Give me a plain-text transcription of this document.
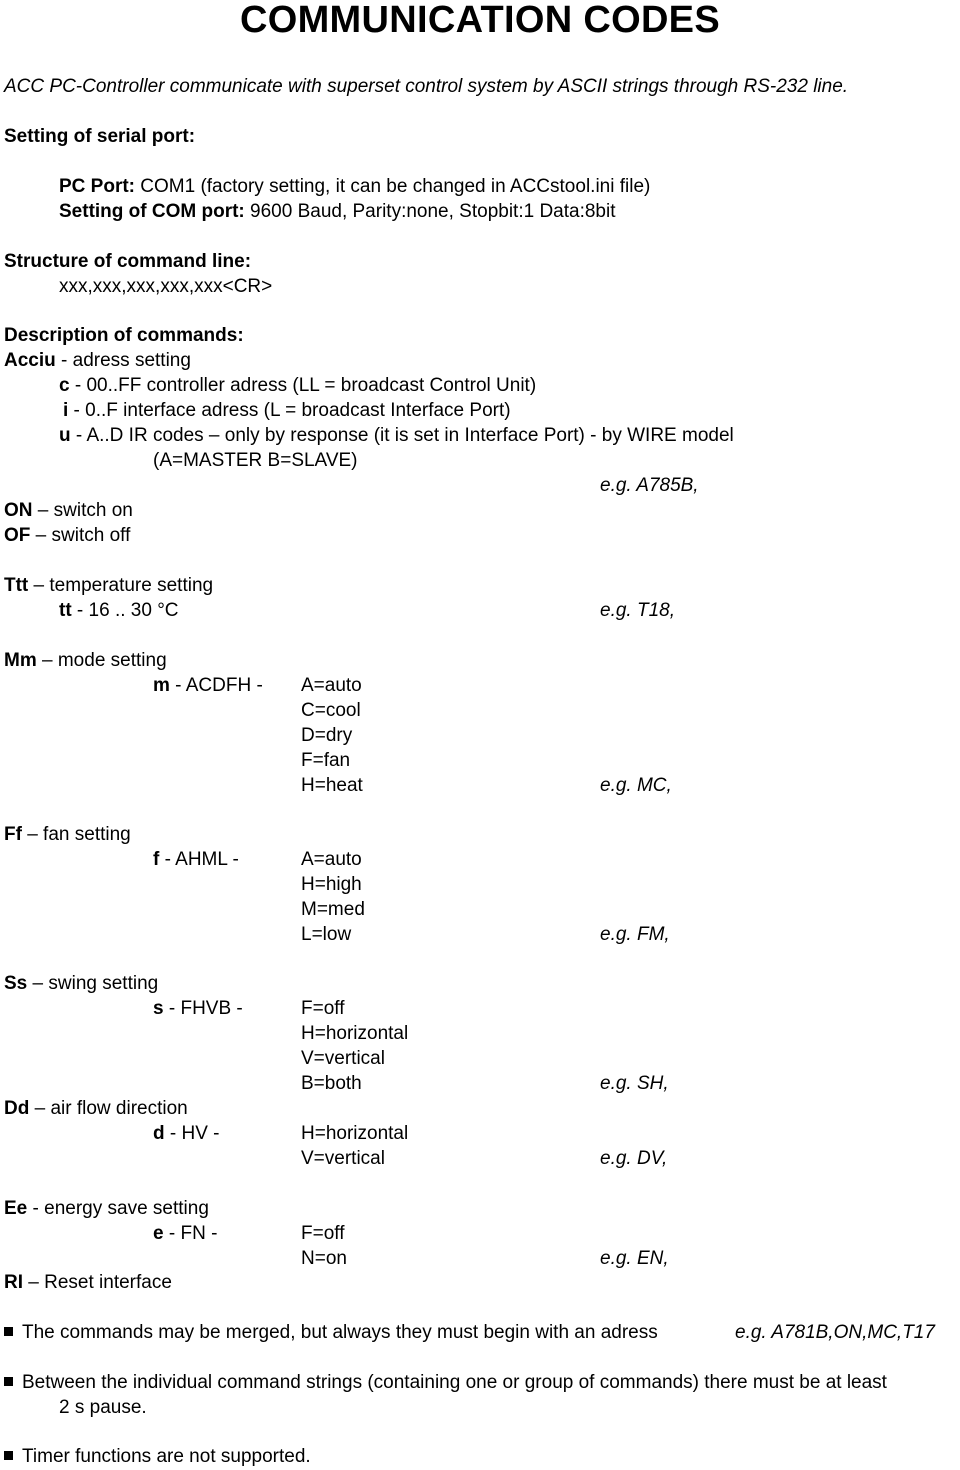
COMMUNICATION CODES
ACC PC-Controller communicate with superset control system by ASCII strings through RS-232 line.
Setting of serial port:
PC Port: COM1 (factory setting, it can be changed in ACCstool.ini file)
Setting of COM port: 9600 Baud, Parity:none, Stopbit:1 Data:8bit
Structure of command line:
xxx,xxx,xxx,xxx,xxx<CR>
Description of commands:
Acciu - adress setting
c - 00..FF controller adress (LL = broadcast Control Unit)
i - 0..F interface adress (L = broadcast Interface Port)
u - A..D IR codes – only by response (it is set in Interface Port) - by WIRE model
(A=MASTER B=SLAVE)
e.g. A785B,
ON – switch on
OF – switch off
Ttt – temperature setting
tt - 16 .. 30 °C	e.g. T18,
Mm – mode setting
m - ACDFH - A=auto
C=cool
D=dry
F=fan
H=heat	e.g. MC,
Ff – fan setting
f - AHML -	A=auto
H=high
M=med
L=low	e.g. FM,
Ss – swing setting
s - FHVB -	F=off
H=horizontal
V=vertical
B=both	e.g. SH,
Dd – air flow direction
d - HV -	H=horizontal
V=vertical	e.g. DV,
Ee - energy save setting
e - FN -	F=off
N=on	e.g. EN,
RI – Reset interface
The commands may be merged, but always they must begin with an adress	e.g. A781B,ON,MC,T17
Between the individual command strings (containing one or group of commands) there must be at least
2 s pause.
Timer functions are not supported.
